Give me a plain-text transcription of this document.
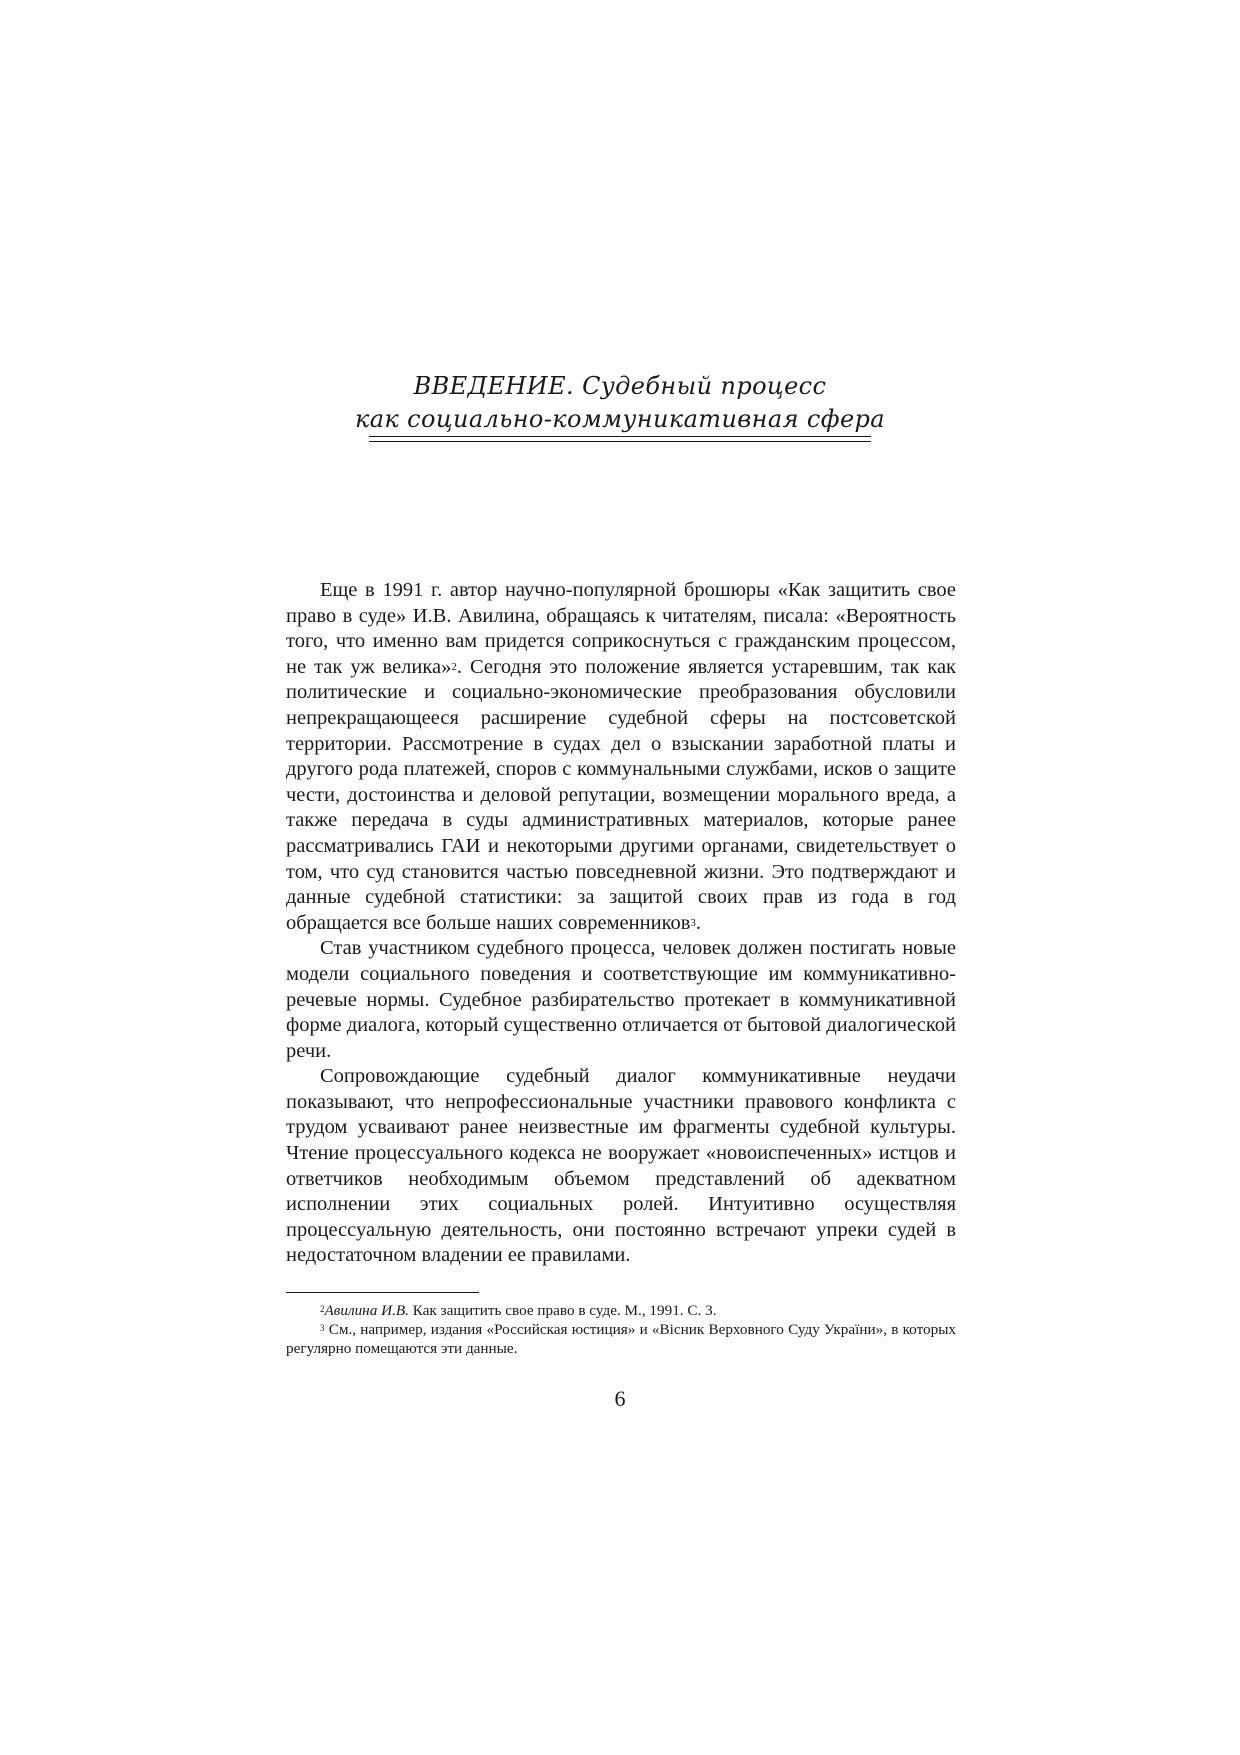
ВВЕДЕНИЕ. Судебный процесс
как социально-коммуникативная сфера

Еще в 1991 г. автор научно-популярной брошюры «Как защитить свое право в суде» И.В. Авилина, обращаясь к читателям, писала: «Вероятность того, что именно вам придется соприкоснуться с гражданским процессом, не так уж велика»$^2$. Сегодня это положение является устаревшим, так как политические и социально-экономические преобразования обусловили непрекращающееся расширение судебной сферы на постсоветской территории. Рассмотрение в судах дел о взыскании заработной платы и другого рода платежей, споров с коммунальными службами, исков о защите чести, достоинства и деловой репутации, возмещении морального вреда, а также передача в суды административных материалов, которые ранее рассматривались ГАИ и некоторыми другими органами, свидетельствует о том, что суд становится частью повседневной жизни. Это подтверждают и данные судебной статистики: за защитой своих прав из года в год обращается все больше наших современников$^3$.

Став участником судебного процесса, человек должен постигать новые модели социального поведения и соответствующие им коммуникативно-речевые нормы. Судебное разбирательство протекает в коммуникативной форме диалога, который существенно отличается от бытовой диалогической речи.

Сопровождающие судебный диалог коммуникативные неудачи показывают, что непрофессиональные участники правового конфликта с трудом усваивают ранее неизвестные им фрагменты судебной культуры. Чтение процессуального кодекса не вооружает «новоиспеченных» истцов и ответчиков необходимым объемом представлений об адекватном исполнении этих социальных ролей. Интуитивно осуществляя процессуальную деятельность, они постоянно встречают упреки судей в недостаточном владении ее правилами.

$^2$Авилина И.В. Как защитить свое право в суде. М., 1991. С. 3.

$^3$ См., например, издания «Российская юстиция» и «Вісник Верховного Суду України», в которых регулярно помещаются эти данные.

6
